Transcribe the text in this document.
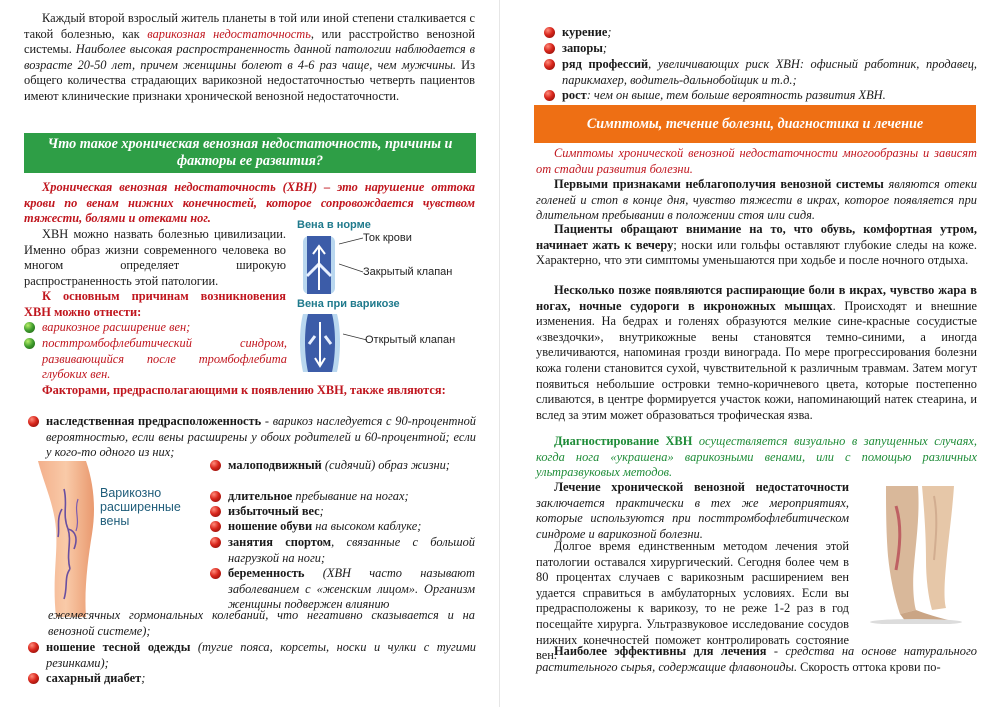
Каждый второй взрослый житель планеты в той или иной степени сталкивается с такой болезнью, как варикозная недостаточность, или расстройство венозной системы. Наиболее высокая распространенность данной патологии наблюдается в возрасте 20-50 лет, причем женщины болеют в 4-6 раз чаще, чем мужчины. Из общего количества страдающих варикозной недостаточностью четверть пациентов имеют клинические признаки хронической венозной недостаточности.
Что такое хроническая венозная недостаточность, причины и факторы ее развития?
Хроническая венозная недостаточность (ХВН) – это нарушение оттока крови по венам нижних конечностей, которое сопровождается чувством тяжести, болями и отеками ног.
ХВН можно назвать болезнью цивилизации. Именно образ жизни современного человека во многом определяет широкую распространенность этой патологии.
К основным причинам возникновения ХВН можно отнести:
варикозное расширение вен;
посттромбофлебитический синдром, развивающийся после тромбофлебита глубоких вен.
Факторами, предрасполагающими к появлению ХВН, также являются:
наследственная предрасположенность - варикоз наследуется с 90-процентной вероятностью, если вены расширены у обоих родителей и 60-процентной; если у кого-то одного из них;
Варикозно расширенные вены
малоподвижный (сидячий) образ жизни;
длительное пребывание на ногах;
избыточный вес;
ношение обуви на высоком каблуке;
занятия спортом, связанные с большой нагрузкой на ноги;
беременность (ХВН часто называют заболеванием с «женским лицом». Организм женщины подвержен влиянию
ежемесячных гормональных колебаний, что негативно сказывается и на венозной системе);
ношение тесной одежды (тугие пояса, корсеты, носки и чулки с тугими резинками);
сахарный диабет;
Вена в норме
Ток крови
Закрытый клапан
Вена при варикозе
Открытый клапан
курение;
запоры;
ряд профессий, увеличивающих риск ХВН: офисный работник, продавец, парикмахер, водитель-дальнобойщик и т.д.;
рост: чем он выше, тем больше вероятность развития ХВН.
Симптомы, течение болезни, диагностика и лечение
Симптомы хронической венозной недостаточности многообразны и зависят от стадии развития болезни.
Первыми признаками неблагополучия венозной системы являются отеки голеней и стоп в конце дня, чувство тяжести в икрах, которое появляется при длительном пребывании в положении стоя или сидя.
Пациенты обращают внимание на то, что обувь, комфортная утром, начинает жать к вечеру; носки или гольфы оставляют глубокие следы на коже. Характерно, что эти симптомы уменьшаются при ходьбе и после ночного отдыха.
Несколько позже появляются распирающие боли в икрах, чувство жара в ногах, ночные судороги в икроножных мышцах. Происходят и внешние изменения. На бедрах и голенях образуются мелкие сине-красные сосудистые «звездочки», внутрикожные вены становятся темно-синими, а иногда увеличиваются, напоминая грозди винограда. По мере прогрессирования болезни кожа голени становится сухой, чувствительной к различным травмам. Затем могут появиться небольшие островки темно-коричневого цвета, которые постепенно сливаются, в центре формируется участок кожи, напоминающий натек стеарина, и вслед за этим может образоваться трофическая язва.
Диагностирование ХВН осуществляется визуально в запущенных случаях, когда нога «украшена» варикозными венами, или с помощью различных ультразвуковых методов.
Лечение хронической венозной недостаточности заключается практически в тех же мероприятиях, которые используются при посттромбофлебитическом синдроме и варикозной болезни.
Долгое время единственным методом лечения этой патологии оставался хирургический. Сегодня более чем в 80 процентах случаев с варикозным расширением вен удается справиться в амбулаторных условиях. Если вы предрасположены к варикозу, то не реже 1-2 раз в год посещайте хирурга. Ультразвуковое исследование сосудов нижних конечностей поможет контролировать состояние вен.
Наиболее эффективны для лечения - средства на основе натурального растительного сырья, содержащие флавоноиды. Скорость оттока крови по-
